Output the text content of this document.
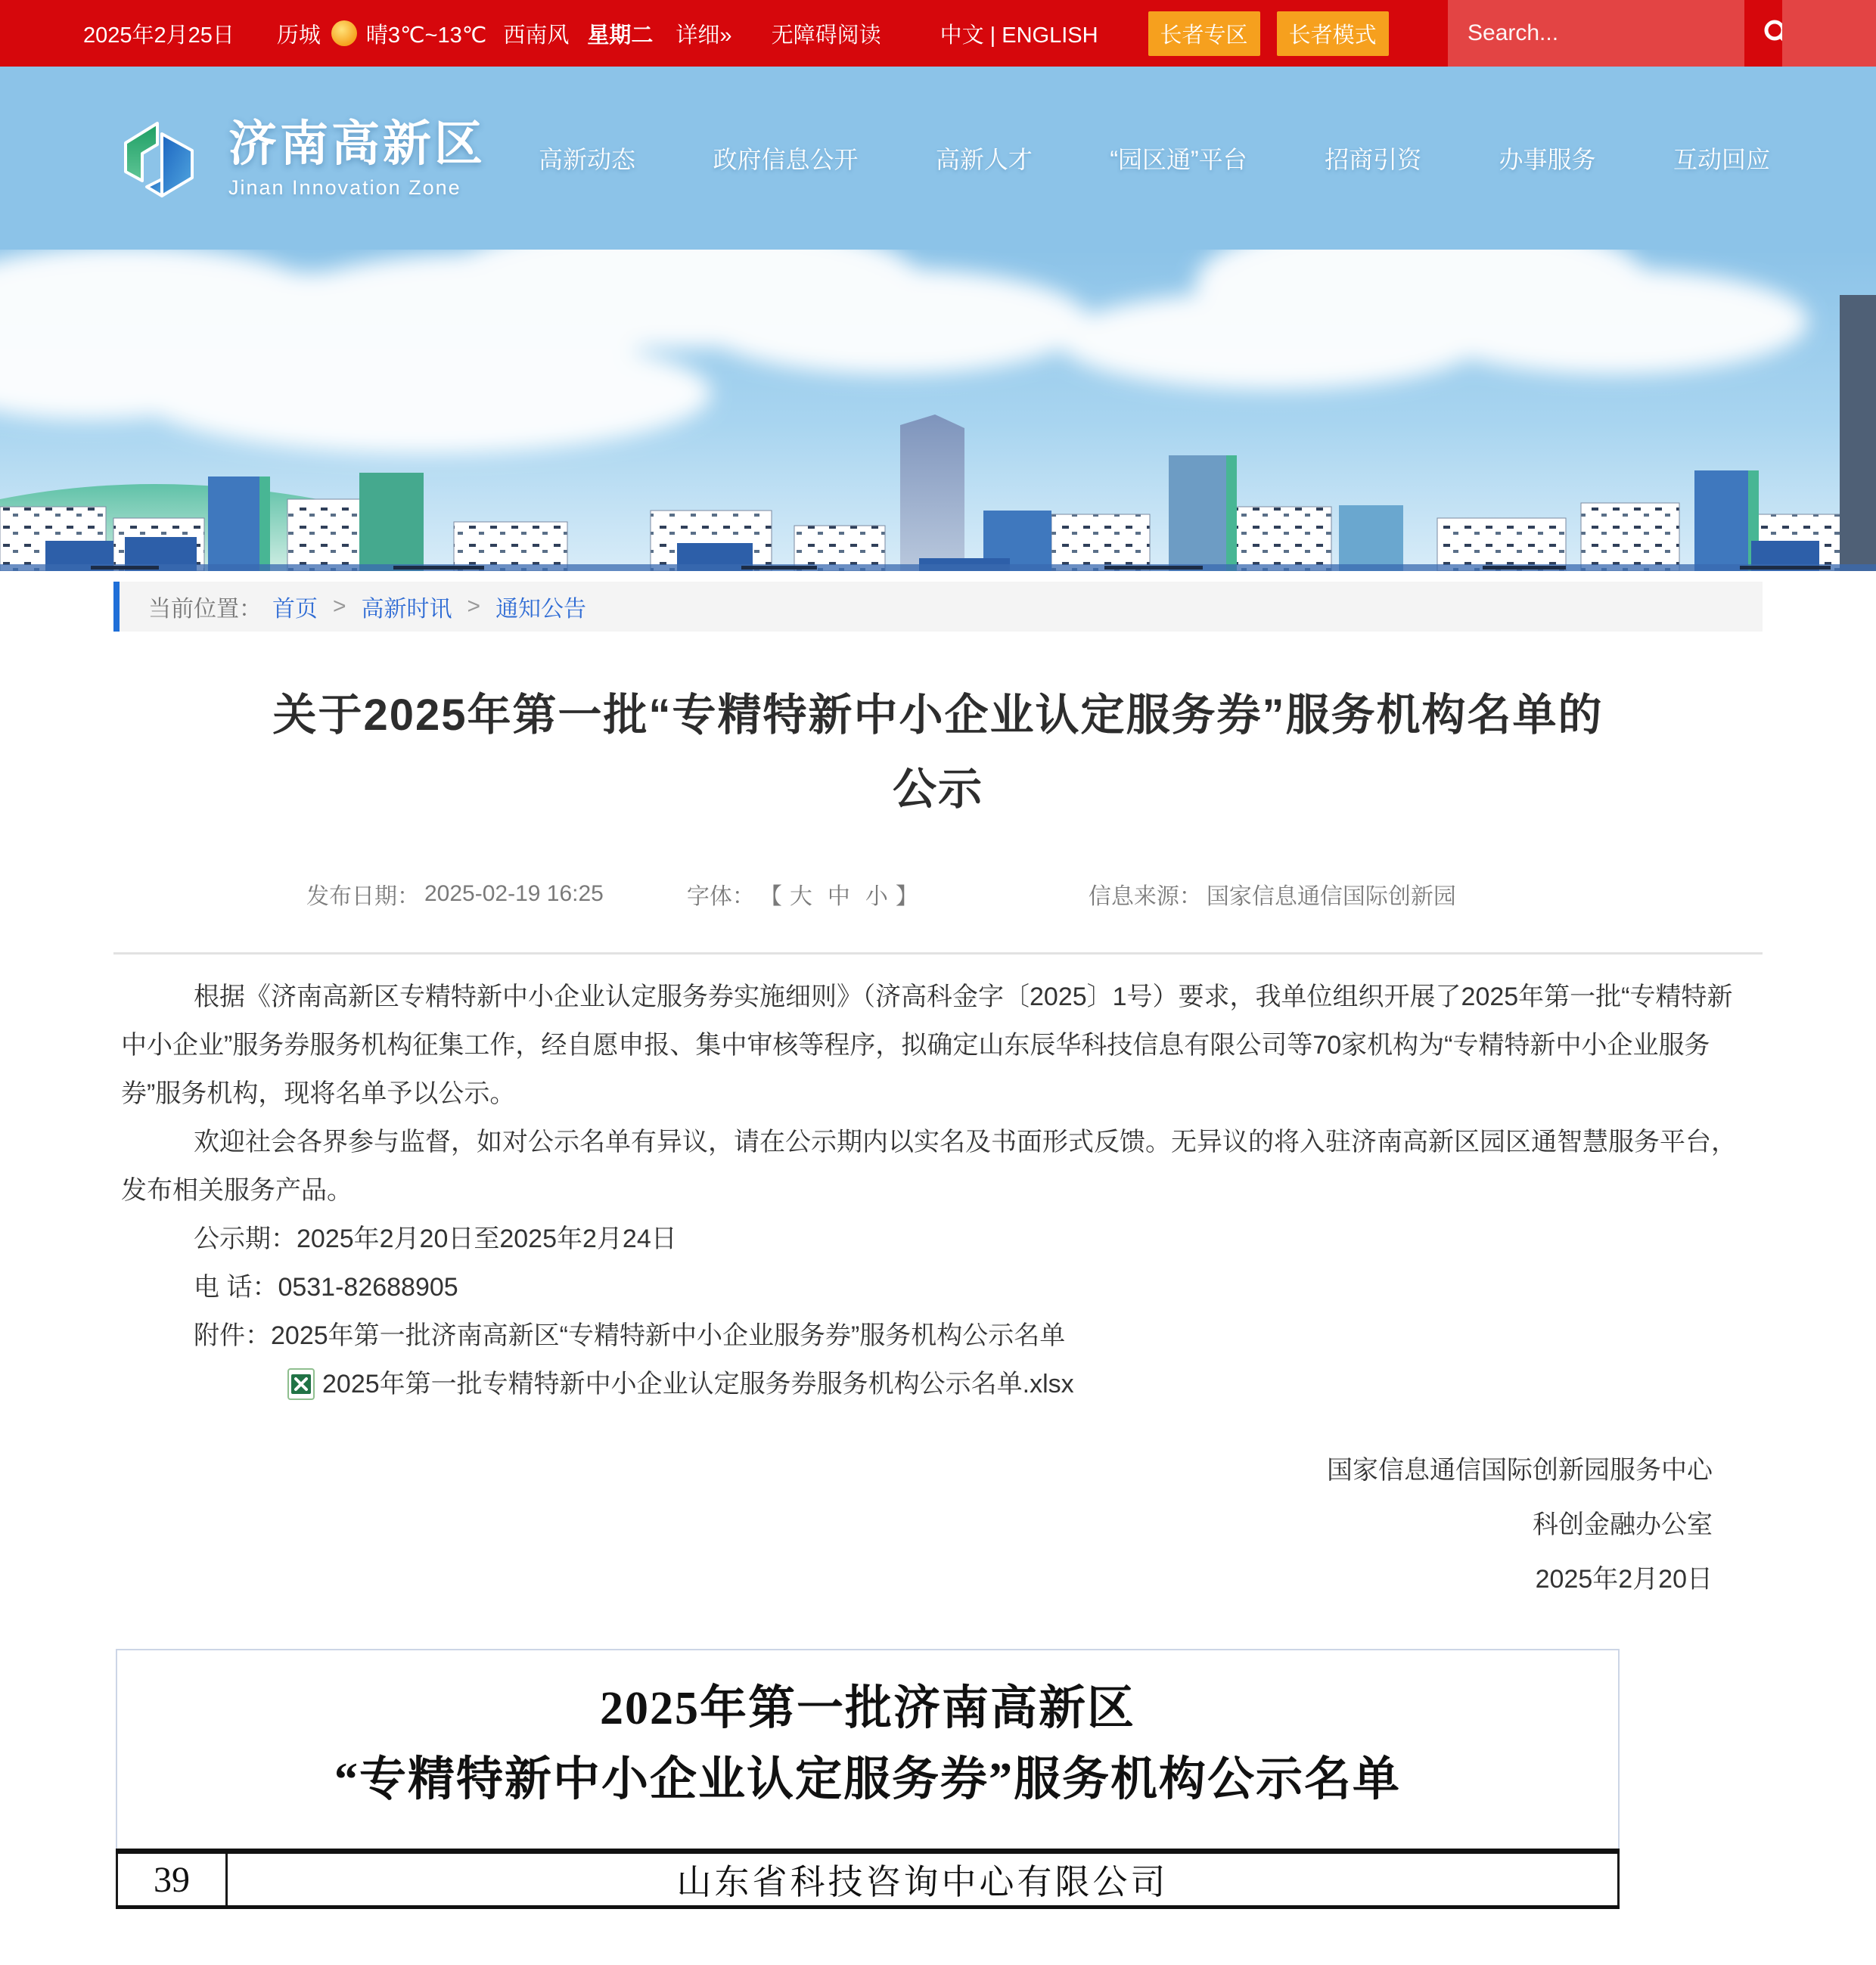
2025年2月25日 历城 晴3℃~13℃ 西南风 星期二 详细» 无障碍阅读	中文 | ENGLISH	长者专区	长者模式
Search...
济南高新区
Jinan Innovation Zone
高新动态	政府信息公开	高新人才	“园区通”平台	招商引资	办事服务	互动回应
当前位置： 首页 > 高新时讯 > 通知公告
关于2025年第一批“专精特新中小企业认定服务券”服务机构名单的
公示
发布日期： 2025-02-19 16:25	字体： 【 大 中 小 】	信息来源： 国家信息通信国际创新园

根据《济南高新区专精特新中小企业认定服务券实施细则》（济高科金字〔2025〕1号）要求，我单位组织开展了2025年第一批“专精特新中小企业”服务券服务机构征集工作，经自愿申报、集中审核等程序，拟确定山东辰华科技信息有限公司等70家机构为“专精特新中小企业服务券”服务机构，现将名单予以公示。

欢迎社会各界参与监督，如对公示名单有异议，请在公示期内以实名及书面形式反馈。无异议的将入驻济南高新区园区通智慧服务平台，发布相关服务产品。

公示期：2025年2月20日至2025年2月24日

电 话：0531-82688905

附件：2025年第一批济南高新区“专精特新中小企业服务券”服务机构公示名单

2025年第一批专精特新中小企业认定服务券服务机构公示名单.xlsx

国家信息通信国际创新园服务中心
科创金融办公室
2025年2月20日
2025年第一批济南高新区
“专精特新中小企业认定服务券”服务机构公示名单
39	山东省科技咨询中心有限公司
